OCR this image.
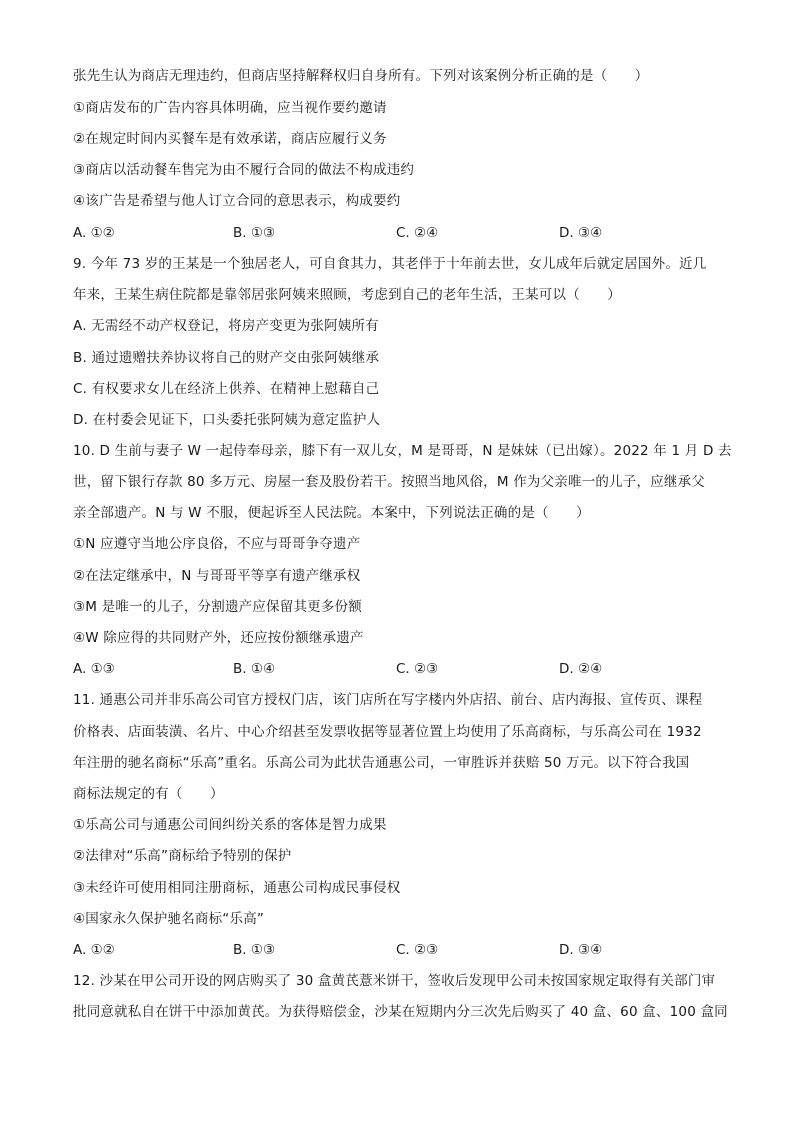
张先生认为商店无理违约，但商店坚持解释权归自身所有。下列对该案例分析正确的是（　　）
①商店发布的广告内容具体明确，应当视作要约邀请
②在规定时间内买餐车是有效承诺，商店应履行义务
③商店以活动餐车售完为由不履行合同的做法不构成违约
④该广告是希望与他人订立合同的意思表示，构成要约
A. ①②	B. ①③	C. ②④	D. ③④
9. 今年 73 岁的王某是一个独居老人，可自食其力，其老伴于十年前去世，女儿成年后就定居国外。近几
年来，王某生病住院都是靠邻居张阿姨来照顾，考虑到自己的老年生活，王某可以（　　）
A. 无需经不动产权登记，将房产变更为张阿姨所有
B. 通过遗赠扶养协议将自己的财产交由张阿姨继承
C. 有权要求女儿在经济上供养、在精神上慰藉自己
D. 在村委会见证下，口头委托张阿姨为意定监护人
10. D 生前与妻子 W 一起侍奉母亲，膝下有一双儿女，M 是哥哥，N 是妹妹（已出嫁）。2022 年 1 月 D 去
世，留下银行存款 80 多万元、房屋一套及股份若干。按照当地风俗，M 作为父亲唯一的儿子，应继承父
亲全部遗产。N 与 W 不服，便起诉至人民法院。本案中，下列说法正确的是（　　）
①N 应遵守当地公序良俗，不应与哥哥争夺遗产
②在法定继承中，N 与哥哥平等享有遗产继承权
③M 是唯一的儿子，分割遗产应保留其更多份额
④W 除应得的共同财产外，还应按份额继承遗产
A. ①③	B. ①④	C. ②③	D. ②④
11. 通惠公司并非乐高公司官方授权门店，该门店所在写字楼内外店招、前台、店内海报、宣传页、课程
价格表、店面装潢、名片、中心介绍甚至发票收据等显著位置上均使用了乐高商标，与乐高公司在 1932
年注册的驰名商标“乐高”重名。乐高公司为此状告通惠公司，一审胜诉并获赔 50 万元。以下符合我国
商标法规定的有（　　）
①乐高公司与通惠公司间纠纷关系的客体是智力成果
②法律对“乐高”商标给予特别的保护
③未经许可使用相同注册商标，通惠公司构成民事侵权
④国家永久保护驰名商标“乐高”
A. ①②	B. ①③	C. ②③	D. ③④
12. 沙某在甲公司开设的网店购买了 30 盒黄芪薏米饼干，签收后发现甲公司未按国家规定取得有关部门审
批同意就私自在饼干中添加黄芪。为获得赔偿金，沙某在短期内分三次先后购买了 40 盒、60 盒、100 盒同
